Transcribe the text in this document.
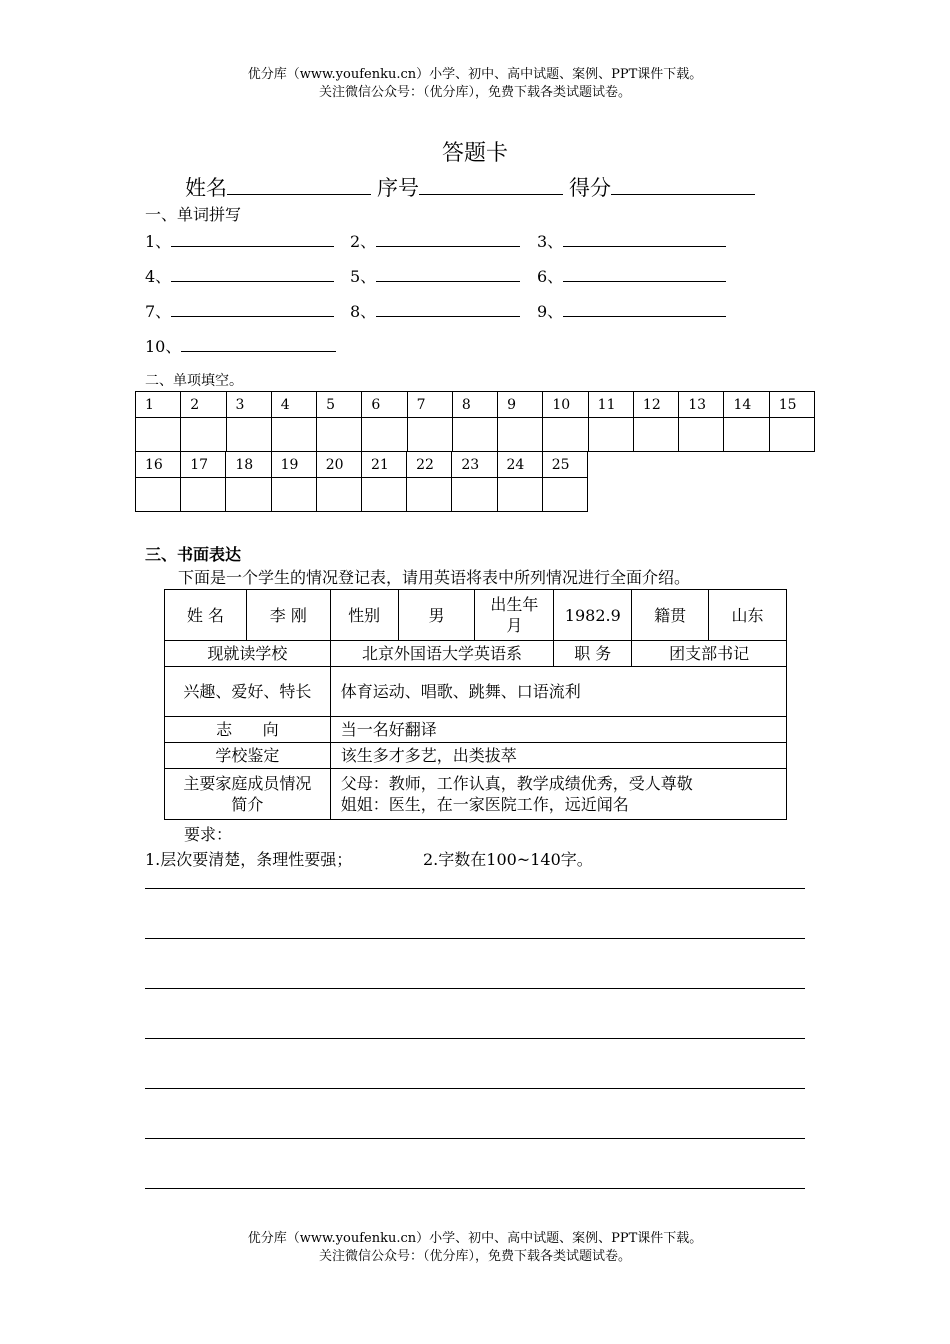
优分库（www.youfenku.cn）小学、初中、高中试题、案例、PPT课件下载。
关注微信公众号：（优分库），免费下载各类试题试卷。
答题卡
姓名	序号	得分
一、单词拼写
1、	2、	3、
4、	5、	6、
7、	8、	9、
10、
二、单项填空。
1	2	3	4	5	6	7	8	9	10	11	12	13	14	15

16	17	18	19	20	21	22	23	24	25

三、书面表达
下面是一个学生的情况登记表，请用英语将表中所列情况进行全面介绍。
姓 名	李 刚	性别	男	出生年月	1982.9	籍贯	山东
现就读学校		北京外国语大学英语系			职 务	团支部书记	
兴趣、爱好、特长		体育运动、唱歌、跳舞、口语流利					
志      向		当一名好翻译					
学校鉴定		该生多才多艺，出类拔萃					
主要家庭成员情况简介		父母：教师，工作认真，教学成绩优秀，受人尊敬
姐姐：医生，在一家医院工作，远近闻名					
要求：
1.层次要清楚，条理性要强；	2.字数在100~140字。
优分库（www.youfenku.cn）小学、初中、高中试题、案例、PPT课件下载。
关注微信公众号：（优分库），免费下载各类试题试卷。
